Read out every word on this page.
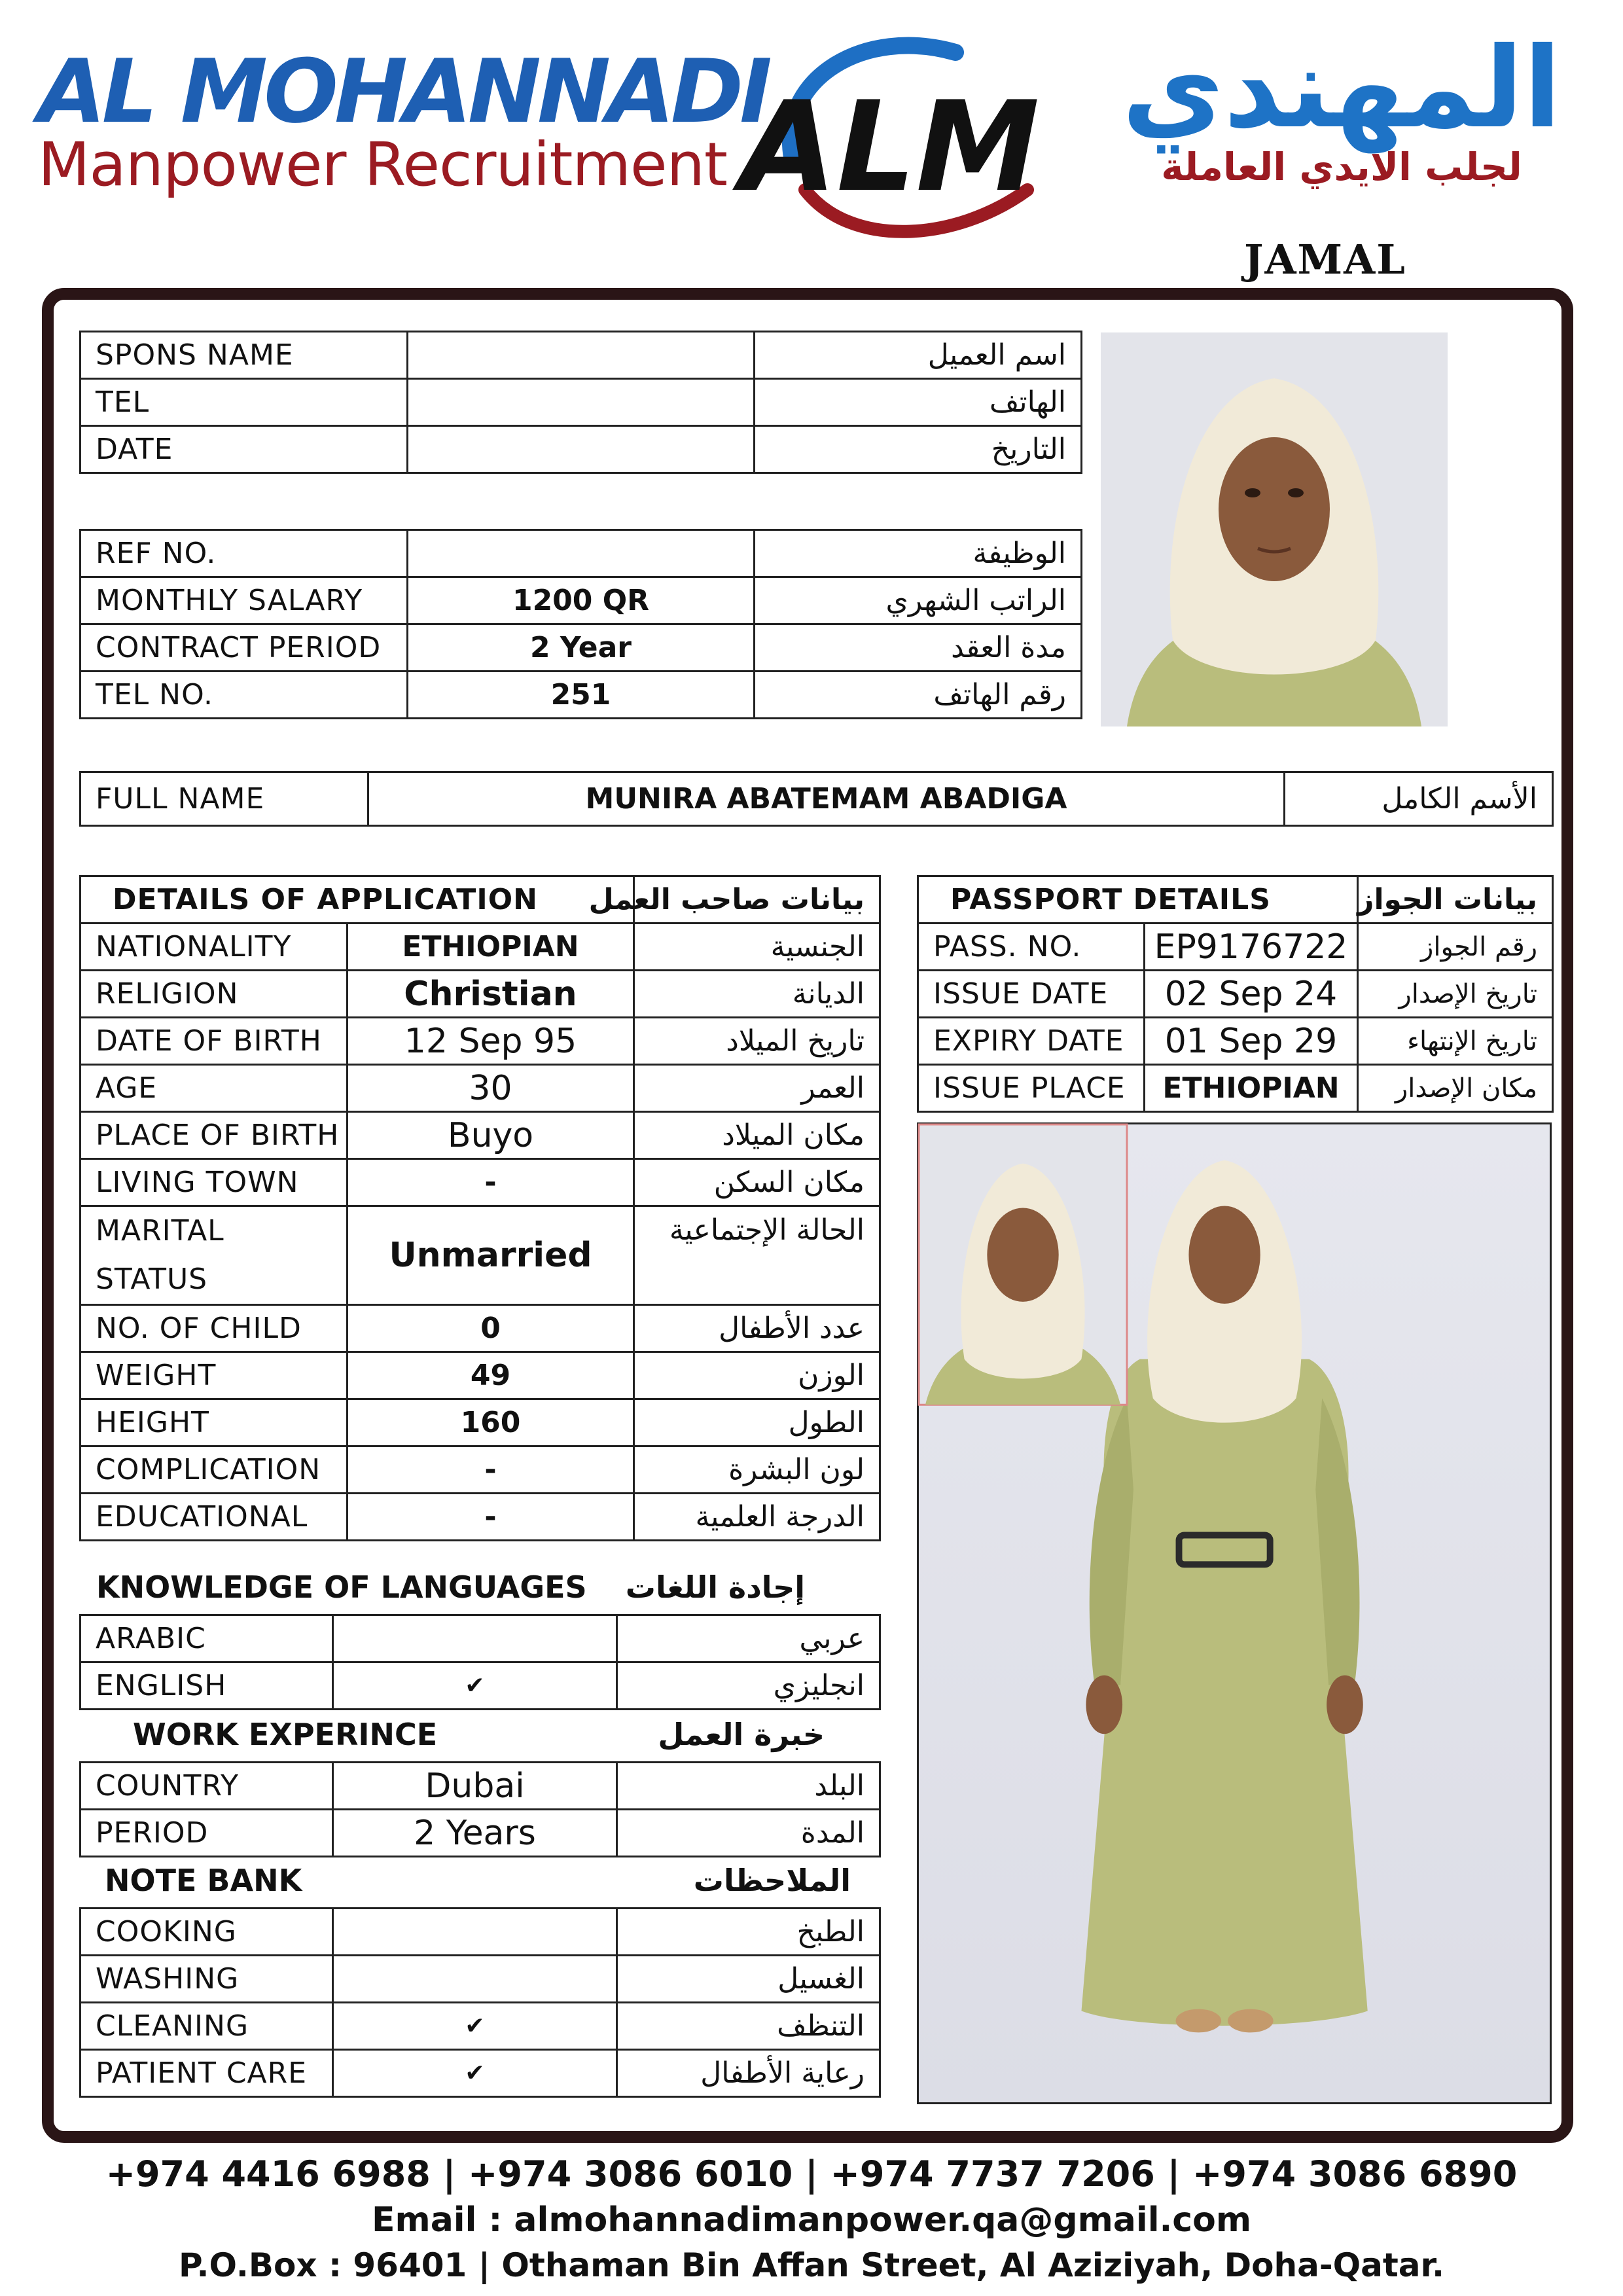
AL MOHANNADI
Manpower Recruitment ALM المهندي
لجلب الايدي العاملة
JAMAL
SPONS NAME		اسم العميل
TEL		الهاتف
DATE		التاريخ
REF NO.		الوظيفة
MONTHLY SALARY	1200 QR	الراتب الشهري
CONTRACT PERIOD	2 Year	مدة العقد
TEL NO.	251	رقم الهاتف
FULL NAME	MUNIRA ABATEMAM ABADIGA	الأسم الكامل
DETAILS OF APPLICATION		بيانات صاحب العمل
NATIONALITY	ETHIOPIAN	الجنسية
RELIGION	Christian	الديانة
DATE OF BIRTH	12 Sep 95	تاريخ الميلاد
AGE	30	العمر
PLACE OF BIRTH	Buyo	مكان الميلاد
LIVING TOWN	-	مكان السكن
MARITAL STATUS	Unmarried	الحالة الإجتماعية
NO. OF CHILD	0	عدد الأطفال
WEIGHT	49	الوزن
HEIGHT	160	الطول
COMPLICATION	-	لون البشرة
EDUCATIONAL	-	الدرجة العلمية
KNOWLEDGE OF LANGUAGES	إجادة اللغات
ARABIC		عربي
ENGLISH	✔	انجليزي
WORK EXPERINCE	خبرة العمل
COUNTRY	Dubai	البلد
PERIOD	2 Years	المدة
NOTE BANK	الملاحظات
COOKING		الطبخ
WASHING		الغسيل
CLEANING	✔	التنظف
PATIENT CARE	✔	رعاية الأطفال
PASSPORT DETAILS		بيانات الجواز
PASS. NO.	EP9176722	رقم الجواز
ISSUE DATE	02 Sep 24	تاريخ الإصدار
EXPIRY DATE	01 Sep 29	تاريخ الإنتهاء
ISSUE PLACE	ETHIOPIAN	مكان الإصدار
+974 4416 6988 | +974 3086 6010 | +974 7737 7206 | +974 3086 6890
Email : almohannadimanpower.qa@gmail.com
P.O.Box : 96401 | Othaman Bin Affan Street, Al Aziziyah, Doha-Qatar.
